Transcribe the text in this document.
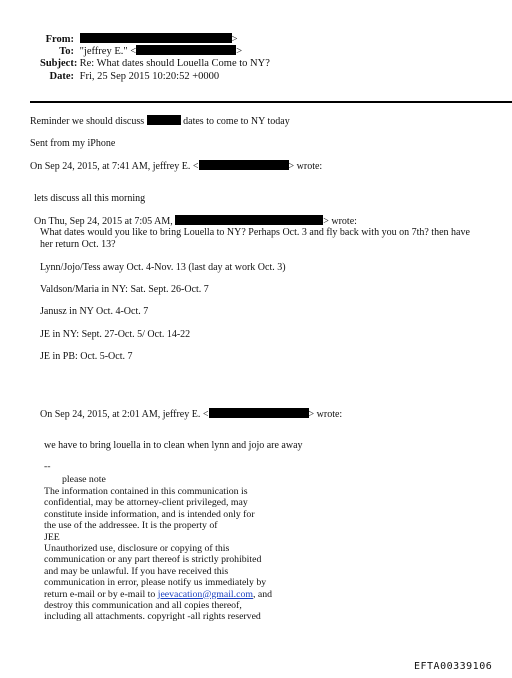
From:	>
To: "jeffrey E." <	>
Subject: Re: What dates should Louella Come to NY?
Date: Fri, 25 Sep 2015 10:20:52 +0000
Reminder we should discuss	dates to come to NY today
Sent from my iPhone
On Sep 24, 2015, at 7:41 AM, jeffrey E. <	> wrote:
lets discuss all this morning
On Thu, Sep 24, 2015 at 7:05 AM,	> wrote:
What dates would you like to bring Louella to NY? Perhaps Oct. 3 and fly back with you on 7th? then have
her return Oct. 13?
Lynn/Jojo/Tess away Oct. 4-Nov. 13 (last day at work Oct. 3)
Valdson/Maria in NY: Sat. Sept. 26-Oct. 7
Janusz in NY Oct. 4-Oct. 7
JE in NY: Sept. 27-Oct. 5/ Oct. 14-22
JE in PB: Oct. 5-Oct. 7
On Sep 24, 2015, at 2:01 AM, jeffrey E. <	> wrote:
we have to bring louella in to clean when lynn and jojo are away
--
please note
The information contained in this communication is
confidential, may be attorney-client privileged, may
constitute inside information, and is intended only for
the use of the addressee. It is the property of
JEE
Unauthorized use, disclosure or copying of this
communication or any part thereof is strictly prohibited
and may be unlawful. If you have received this
communication in error, please notify us immediately by
return e-mail or by e-mail to jeevacation@gmail.com, and
destroy this communication and all copies thereof,
including all attachments. copyright -all rights reserved
EFTA00339106
